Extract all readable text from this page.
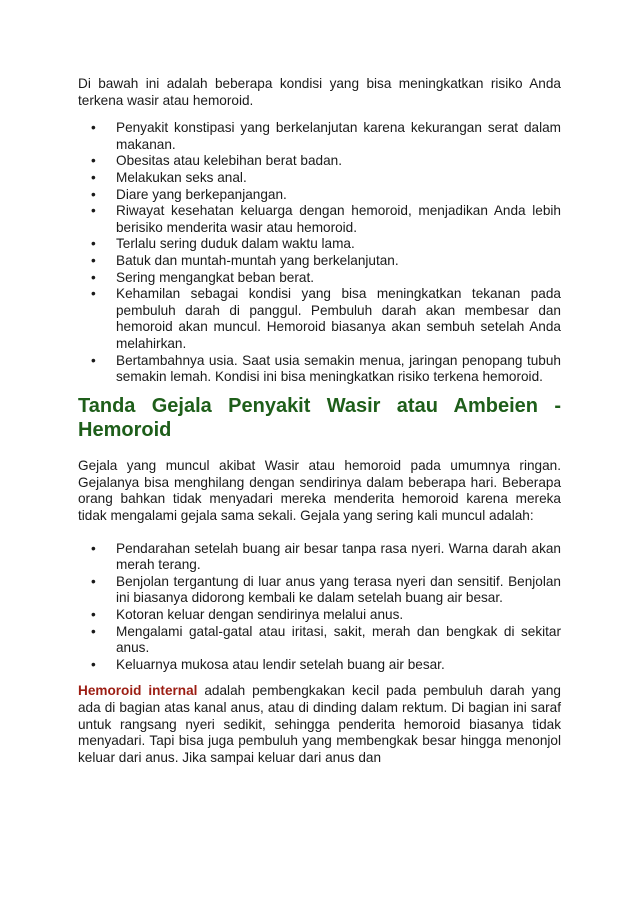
Di bawah ini adalah beberapa kondisi yang bisa meningkatkan risiko Anda terkena wasir atau hemoroid.

• Penyakit konstipasi yang berkelanjutan karena kekurangan serat dalam makanan.
• Obesitas atau kelebihan berat badan.
• Melakukan seks anal.
• Diare yang berkepanjangan.
• Riwayat kesehatan keluarga dengan hemoroid, menjadikan Anda lebih berisiko menderita wasir atau hemoroid.
• Terlalu sering duduk dalam waktu lama.
• Batuk dan muntah-muntah yang berkelanjutan.
• Sering mengangkat beban berat.
• Kehamilan sebagai kondisi yang bisa meningkatkan tekanan pada pembuluh darah di panggul. Pembuluh darah akan membesar dan hemoroid akan muncul. Hemoroid biasanya akan sembuh setelah Anda melahirkan.
• Bertambahnya usia. Saat usia semakin menua, jaringan penopang tubuh semakin lemah. Kondisi ini bisa meningkatkan risiko terkena hemoroid.
Tanda Gejala Penyakit Wasir atau Ambeien - Hemoroid

Gejala yang muncul akibat Wasir atau hemoroid pada umumnya ringan. Gejalanya bisa menghilang dengan sendirinya dalam beberapa hari. Beberapa orang bahkan tidak menyadari mereka menderita hemoroid karena mereka tidak mengalami gejala sama sekali. Gejala yang sering kali muncul adalah:

• Pendarahan setelah buang air besar tanpa rasa nyeri. Warna darah akan merah terang.
• Benjolan tergantung di luar anus yang terasa nyeri dan sensitif. Benjolan ini biasanya didorong kembali ke dalam setelah buang air besar.
• Kotoran keluar dengan sendirinya melalui anus.
• Mengalami gatal-gatal atau iritasi, sakit, merah dan bengkak di sekitar anus.
• Keluarnya mukosa atau lendir setelah buang air besar.

Hemoroid internal adalah pembengkakan kecil pada pembuluh darah yang ada di bagian atas kanal anus, atau di dinding dalam rektum. Di bagian ini saraf untuk rangsang nyeri sedikit, sehingga penderita hemoroid biasanya tidak menyadari. Tapi bisa juga pembuluh yang membengkak besar hingga menonjol keluar dari anus. Jika sampai keluar dari anus dan
